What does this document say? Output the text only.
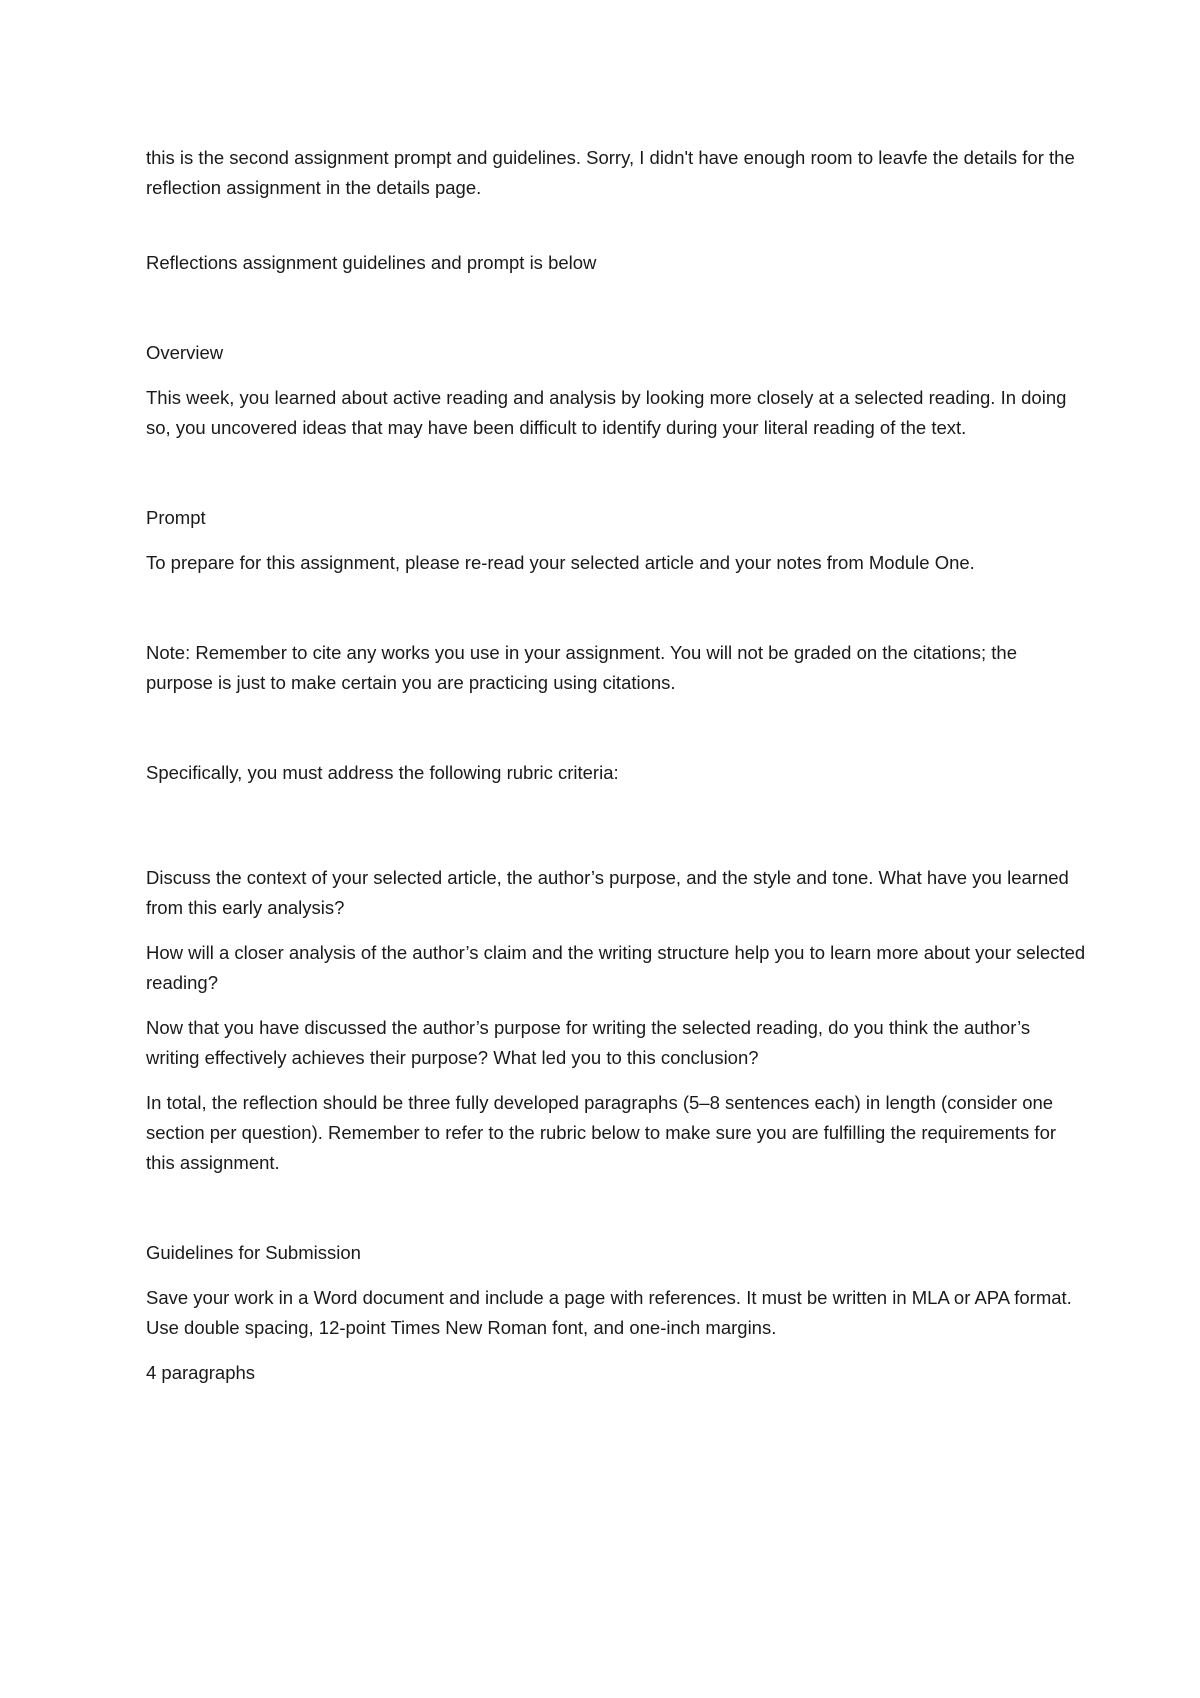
this is the second assignment prompt and guidelines. Sorry, I didn't have enough room to leavfe the details for the reflection assignment in the details page.

Reflections assignment guidelines and prompt is below

Overview

This week, you learned about active reading and analysis by looking more closely at a selected reading. In doing so, you uncovered ideas that may have been difficult to identify during your literal reading of the text.

Prompt

To prepare for this assignment, please re-read your selected article and your notes from Module One.

Note: Remember to cite any works you use in your assignment. You will not be graded on the citations; the purpose is just to make certain you are practicing using citations.

Specifically, you must address the following rubric criteria:

Discuss the context of your selected article, the author’s purpose, and the style and tone. What have you learned from this early analysis?

How will a closer analysis of the author’s claim and the writing structure help you to learn more about your selected reading?

Now that you have discussed the author’s purpose for writing the selected reading, do you think the author’s writing effectively achieves their purpose? What led you to this conclusion?

In total, the reflection should be three fully developed paragraphs (5–8 sentences each) in length (consider one section per question). Remember to refer to the rubric below to make sure you are fulfilling the requirements for this assignment.

Guidelines for Submission

Save your work in a Word document and include a page with references. It must be written in MLA or APA format. Use double spacing, 12-point Times New Roman font, and one-inch margins.

4 paragraphs
